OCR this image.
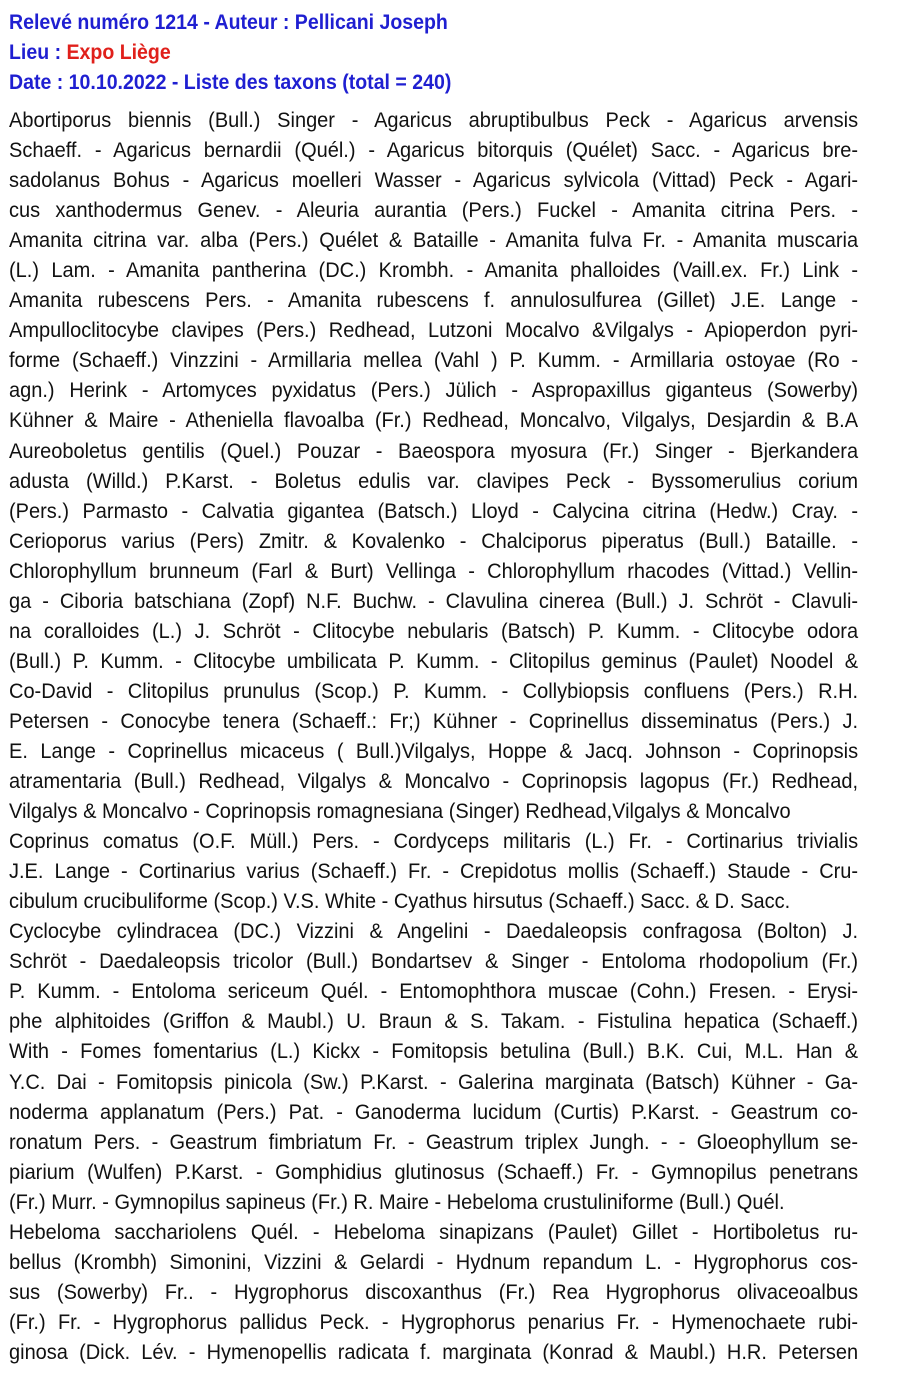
Relevé numéro 1214 - Auteur : Pellicani Joseph
Lieu : Expo Liège
Date : 10.10.2022 - Liste des taxons (total = 240)
Abortiporus biennis (Bull.) Singer - Agaricus abruptibulbus Peck - Agaricus arvensis
Schaeff. - Agaricus bernardii (Quél.) - Agaricus bitorquis (Quélet) Sacc. - Agaricus bre-
sadolanus Bohus - Agaricus moelleri Wasser - Agaricus sylvicola (Vittad) Peck - Agari-
cus xanthodermus Genev. - Aleuria aurantia (Pers.) Fuckel - Amanita citrina Pers. -
Amanita citrina var. alba (Pers.) Quélet & Bataille - Amanita fulva Fr. - Amanita muscaria
(L.) Lam. - Amanita pantherina (DC.) Krombh. - Amanita phalloides (Vaill.ex. Fr.) Link -
Amanita rubescens Pers. - Amanita rubescens f. annulosulfurea (Gillet) J.E. Lange -
Ampulloclitocybe clavipes (Pers.) Redhead, Lutzoni Mocalvo &Vilgalys - Apioperdon pyri-
forme (Schaeff.) Vinzzini - Armillaria mellea (Vahl ) P. Kumm. - Armillaria ostoyae (Ro -
agn.) Herink - Artomyces pyxidatus (Pers.) Jülich - Aspropaxillus giganteus (Sowerby)
Kühner & Maire - Atheniella flavoalba (Fr.) Redhead, Moncalvo, Vilgalys, Desjardin & B.A
Aureoboletus gentilis (Quel.) Pouzar - Baeospora myosura (Fr.) Singer - Bjerkandera
adusta (Willd.) P.Karst. - Boletus edulis var. clavipes Peck - Byssomerulius corium
(Pers.) Parmasto - Calvatia gigantea (Batsch.) Lloyd - Calycina citrina (Hedw.) Cray. -
Cerioporus varius (Pers) Zmitr. & Kovalenko - Chalciporus piperatus (Bull.) Bataille. -
Chlorophyllum brunneum (Farl & Burt) Vellinga - Chlorophyllum rhacodes (Vittad.) Vellin-
ga - Ciboria batschiana (Zopf) N.F. Buchw. - Clavulina cinerea (Bull.) J. Schröt - Clavuli-
na coralloides (L.) J. Schröt - Clitocybe nebularis (Batsch) P. Kumm. - Clitocybe odora
(Bull.) P. Kumm. - Clitocybe umbilicata P. Kumm. - Clitopilus geminus (Paulet) Noodel &
Co-David - Clitopilus prunulus (Scop.) P. Kumm. - Collybiopsis confluens (Pers.) R.H.
Petersen - Conocybe tenera (Schaeff.: Fr;) Kühner - Coprinellus disseminatus (Pers.) J.
E. Lange - Coprinellus micaceus ( Bull.)Vilgalys, Hoppe & Jacq. Johnson - Coprinopsis
atramentaria (Bull.) Redhead, Vilgalys & Moncalvo - Coprinopsis lagopus (Fr.) Redhead,
Vilgalys & Moncalvo - Coprinopsis romagnesiana (Singer) Redhead,Vilgalys & Moncalvo
Coprinus comatus (O.F. Müll.) Pers. - Cordyceps militaris (L.) Fr. - Cortinarius trivialis
J.E. Lange - Cortinarius varius (Schaeff.) Fr. - Crepidotus mollis (Schaeff.) Staude - Cru-
cibulum crucibuliforme (Scop.) V.S. White - Cyathus hirsutus (Schaeff.) Sacc. & D. Sacc.
Cyclocybe cylindracea (DC.) Vizzini & Angelini - Daedaleopsis confragosa (Bolton) J.
Schröt - Daedaleopsis tricolor (Bull.) Bondartsev & Singer - Entoloma rhodopolium (Fr.)
P. Kumm. - Entoloma sericeum Quél. - Entomophthora muscae (Cohn.) Fresen. - Erysi-
phe alphitoides (Griffon & Maubl.) U. Braun & S. Takam. - Fistulina hepatica (Schaeff.)
With - Fomes fomentarius (L.) Kickx - Fomitopsis betulina (Bull.) B.K. Cui, M.L. Han &
Y.C. Dai - Fomitopsis pinicola (Sw.) P.Karst. - Galerina marginata (Batsch) Kühner - Ga-
noderma applanatum (Pers.) Pat. - Ganoderma lucidum (Curtis) P.Karst. - Geastrum co-
ronatum Pers. - Geastrum fimbriatum Fr. - Geastrum triplex Jungh. - - Gloeophyllum se-
piarium (Wulfen) P.Karst. - Gomphidius glutinosus (Schaeff.) Fr. - Gymnopilus penetrans
(Fr.) Murr. - Gymnopilus sapineus (Fr.) R. Maire - Hebeloma crustuliniforme (Bull.) Quél.
Hebeloma sacchariolens Quél. - Hebeloma sinapizans (Paulet) Gillet - Hortiboletus ru-
bellus (Krombh) Simonini, Vizzini & Gelardi - Hydnum repandum L. - Hygrophorus cos-
sus (Sowerby) Fr.. - Hygrophorus discoxanthus (Fr.) Rea Hygrophorus olivaceoalbus
(Fr.) Fr. - Hygrophorus pallidus Peck. - Hygrophorus penarius Fr. - Hymenochaete rubi-
ginosa (Dick. Lév. - Hymenopellis radicata f. marginata (Konrad & Maubl.) H.R. Petersen
